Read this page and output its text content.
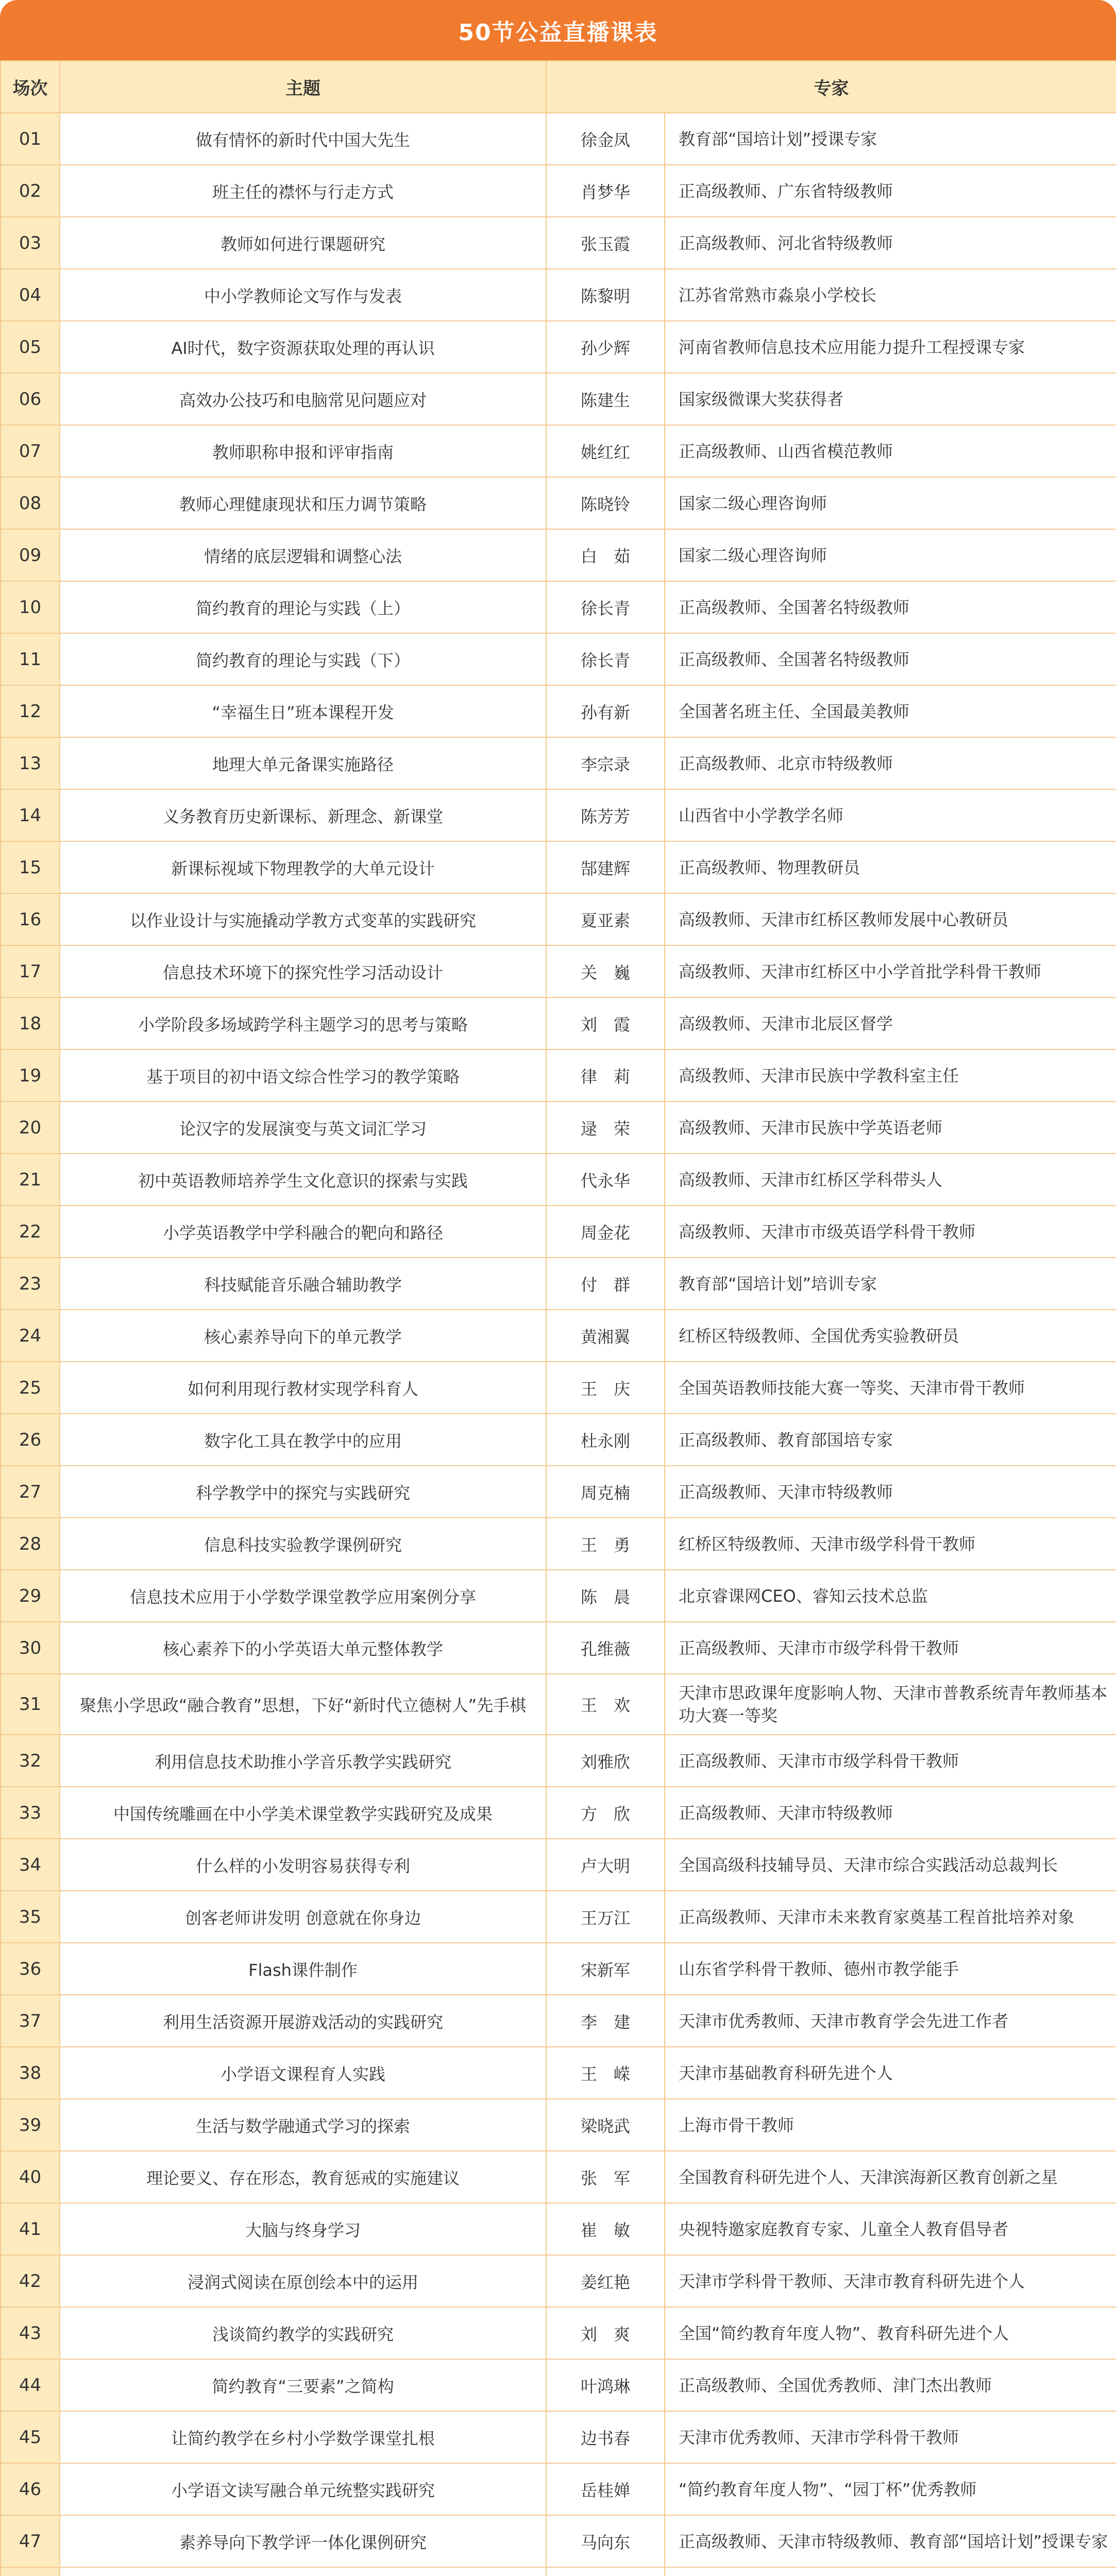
50节公益直播课表
场次	主题	专家	
01	做有情怀的新时代中国大先生	徐金凤	教育部“国培计划”授课专家
02	班主任的襟怀与行走方式	肖梦华	正高级教师、广东省特级教师
03	教师如何进行课题研究	张玉霞	正高级教师、河北省特级教师
04	中小学教师论文写作与发表	陈黎明	江苏省常熟市淼泉小学校长
05	AI时代，数字资源获取处理的再认识	孙少辉	河南省教师信息技术应用能力提升工程授课专家
06	高效办公技巧和电脑常见问题应对	陈建生	国家级微课大奖获得者
07	教师职称申报和评审指南	姚红红	正高级教师、山西省模范教师
08	教师心理健康现状和压力调节策略	陈晓铃	国家二级心理咨询师
09	情绪的底层逻辑和调整心法	白　茹	国家二级心理咨询师
10	简约教育的理论与实践（上）	徐长青	正高级教师、全国著名特级教师
11	简约教育的理论与实践（下）	徐长青	正高级教师、全国著名特级教师
12	“幸福生日”班本课程开发	孙有新	全国著名班主任、全国最美教师
13	地理大单元备课实施路径	李宗录	正高级教师、北京市特级教师
14	义务教育历史新课标、新理念、新课堂	陈芳芳	山西省中小学教学名师
15	新课标视域下物理教学的大单元设计	郜建辉	正高级教师、物理教研员
16	以作业设计与实施撬动学教方式变革的实践研究	夏亚素	高级教师、天津市红桥区教师发展中心教研员
17	信息技术环境下的探究性学习活动设计	关　巍	高级教师、天津市红桥区中小学首批学科骨干教师
18	小学阶段多场域跨学科主题学习的思考与策略	刘　霞	高级教师、天津市北辰区督学
19	基于项目的初中语文综合性学习的教学策略	律　莉	高级教师、天津市民族中学教科室主任
20	论汉字的发展演变与英文词汇学习	逯　荣	高级教师、天津市民族中学英语老师
21	初中英语教师培养学生文化意识的探索与实践	代永华	高级教师、天津市红桥区学科带头人
22	小学英语教学中学科融合的靶向和路径	周金花	高级教师、天津市市级英语学科骨干教师
23	科技赋能音乐融合辅助教学	付　群	教育部“国培计划”培训专家
24	核心素养导向下的单元教学	黄湘翼	红桥区特级教师、全国优秀实验教研员
25	如何利用现行教材实现学科育人	王　庆	全国英语教师技能大赛一等奖、天津市骨干教师
26	数字化工具在教学中的应用	杜永刚	正高级教师、教育部国培专家
27	科学教学中的探究与实践研究	周克楠	正高级教师、天津市特级教师
28	信息科技实验教学课例研究	王　勇	红桥区特级教师、天津市级学科骨干教师
29	信息技术应用于小学数学课堂教学应用案例分享	陈　晨	北京睿课网CEO、睿知云技术总监
30	核心素养下的小学英语大单元整体教学	孔维薇	正高级教师、天津市市级学科骨干教师
31	聚焦小学思政“融合教育”思想，下好“新时代立德树人”先手棋	王　欢	天津市思政课年度影响人物、天津市普教系统青年教师基本功大赛一等奖
32	利用信息技术助推小学音乐教学实践研究	刘雅欣	正高级教师、天津市市级学科骨干教师
33	中国传统雕画在中小学美术课堂教学实践研究及成果	方　欣	正高级教师、天津市特级教师
34	什么样的小发明容易获得专利	卢大明	全国高级科技辅导员、天津市综合实践活动总裁判长
35	创客老师讲发明 创意就在你身边	王万江	正高级教师、天津市未来教育家奠基工程首批培养对象
36	Flash课件制作	宋新军	山东省学科骨干教师、德州市教学能手
37	利用生活资源开展游戏活动的实践研究	李　建	天津市优秀教师、天津市教育学会先进工作者
38	小学语文课程育人实践	王　嵘	天津市基础教育科研先进个人
39	生活与数学融通式学习的探索	梁晓武	上海市骨干教师
40	理论要义、存在形态，教育惩戒的实施建议	张　军	全国教育科研先进个人、天津滨海新区教育创新之星
41	大脑与终身学习	崔　敏	央视特邀家庭教育专家、儿童全人教育倡导者
42	浸润式阅读在原创绘本中的运用	姜红艳	天津市学科骨干教师、天津市教育科研先进个人
43	浅谈简约教学的实践研究	刘　爽	全国“简约教育年度人物”、教育科研先进个人
44	简约教育“三要素”之简构	叶鸿琳	正高级教师、全国优秀教师、津门杰出教师
45	让简约教学在乡村小学数学课堂扎根	边书春	天津市优秀教师、天津市学科骨干教师
46	小学语文读写融合单元统整实践研究	岳桂婵	“简约教育年度人物”、“园丁杯”优秀教师
47	素养导向下教学评一体化课例研究	马向东	正高级教师、天津市特级教师、教育部“国培计划”授课专家
